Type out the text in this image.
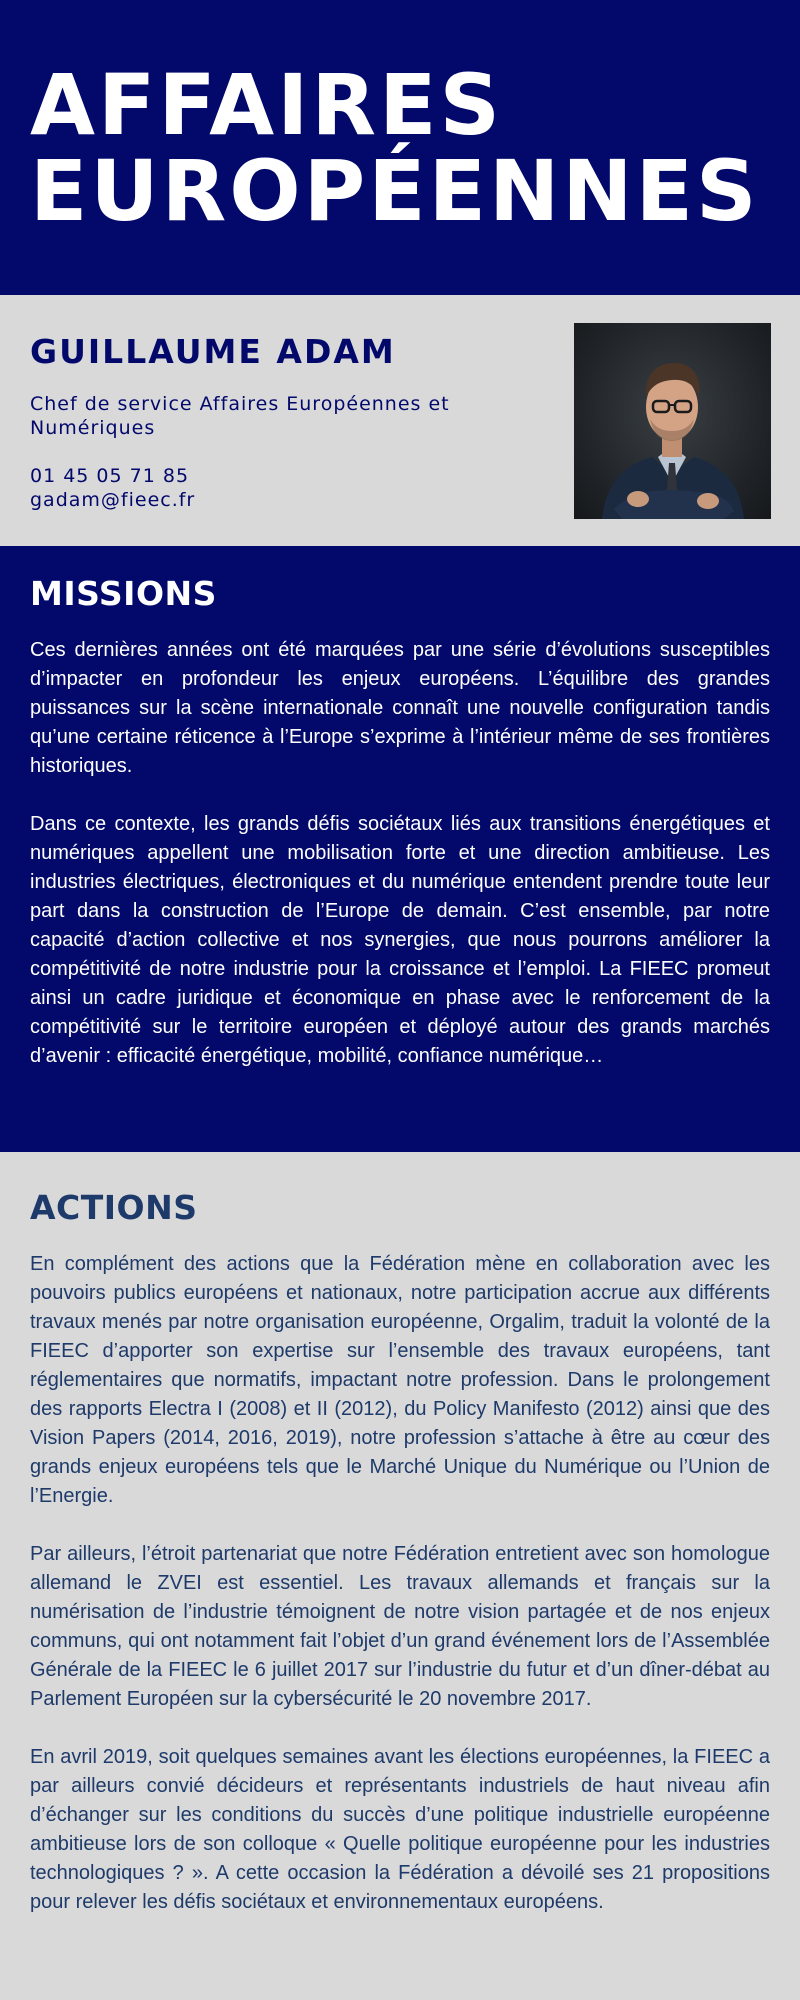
AFFAIRES
EUROPÉENNES
GUILLAUME ADAM

Chef de service Affaires Européennes et Numériques

01 45 05 71 85
gadam@fieec.fr
MISSIONS

Ces dernières années ont été marquées par une série d’évolutions susceptibles d’impacter en profondeur les enjeux européens. L’équilibre des grandes puissances sur la scène internationale connaît une nouvelle configuration tandis qu’une certaine réticence à l’Europe s’exprime à l’intérieur même de ses frontières historiques.

Dans ce contexte, les grands défis sociétaux liés aux transitions énergétiques et numériques appellent une mobilisation forte et une direction ambitieuse. Les industries électriques, électroniques et du numérique entendent prendre toute leur part dans la construction de l’Europe de demain. C’est ensemble, par notre capacité d’action collective et nos synergies, que nous pourrons améliorer la compétitivité de notre industrie pour la croissance et l’emploi. La FIEEC promeut ainsi un cadre juridique et économique en phase avec le renforcement de la compétitivité sur le territoire européen et déployé autour des grands marchés d’avenir : efficacité énergétique, mobilité, confiance numérique…

ACTIONS

En complément des actions que la Fédération mène en collaboration avec les pouvoirs publics européens et nationaux, notre participation accrue aux différents travaux menés par notre organisation européenne, Orgalim, traduit la volonté de la FIEEC d’apporter son expertise sur l’ensemble des travaux européens, tant réglementaires que normatifs, impactant notre profession. Dans le prolongement des rapports Electra I (2008) et II (2012), du Policy Manifesto (2012) ainsi que des Vision Papers (2014, 2016, 2019), notre profession s’attache à être au cœur des grands enjeux européens tels que le Marché Unique du Numérique ou l’Union de l’Energie.

Par ailleurs, l’étroit partenariat que notre Fédération entretient avec son homologue allemand le ZVEI est essentiel. Les travaux allemands et français sur la numérisation de l’industrie témoignent de notre vision partagée et de nos enjeux communs, qui ont notamment fait l’objet d’un grand événement lors de l’Assemblée Générale de la FIEEC le 6 juillet 2017 sur l’industrie du futur et d’un dîner-débat au Parlement Européen sur la cybersécurité le 20 novembre 2017.

En avril 2019, soit quelques semaines avant les élections européennes, la FIEEC a par ailleurs convié décideurs et représentants industriels de haut niveau afin d’échanger sur les conditions du succès d’une politique industrielle européenne ambitieuse lors de son colloque « Quelle politique européenne pour les industries technologiques ? ». A cette occasion la Fédération a dévoilé ses 21 propositions pour relever les défis sociétaux et environnementaux européens.
